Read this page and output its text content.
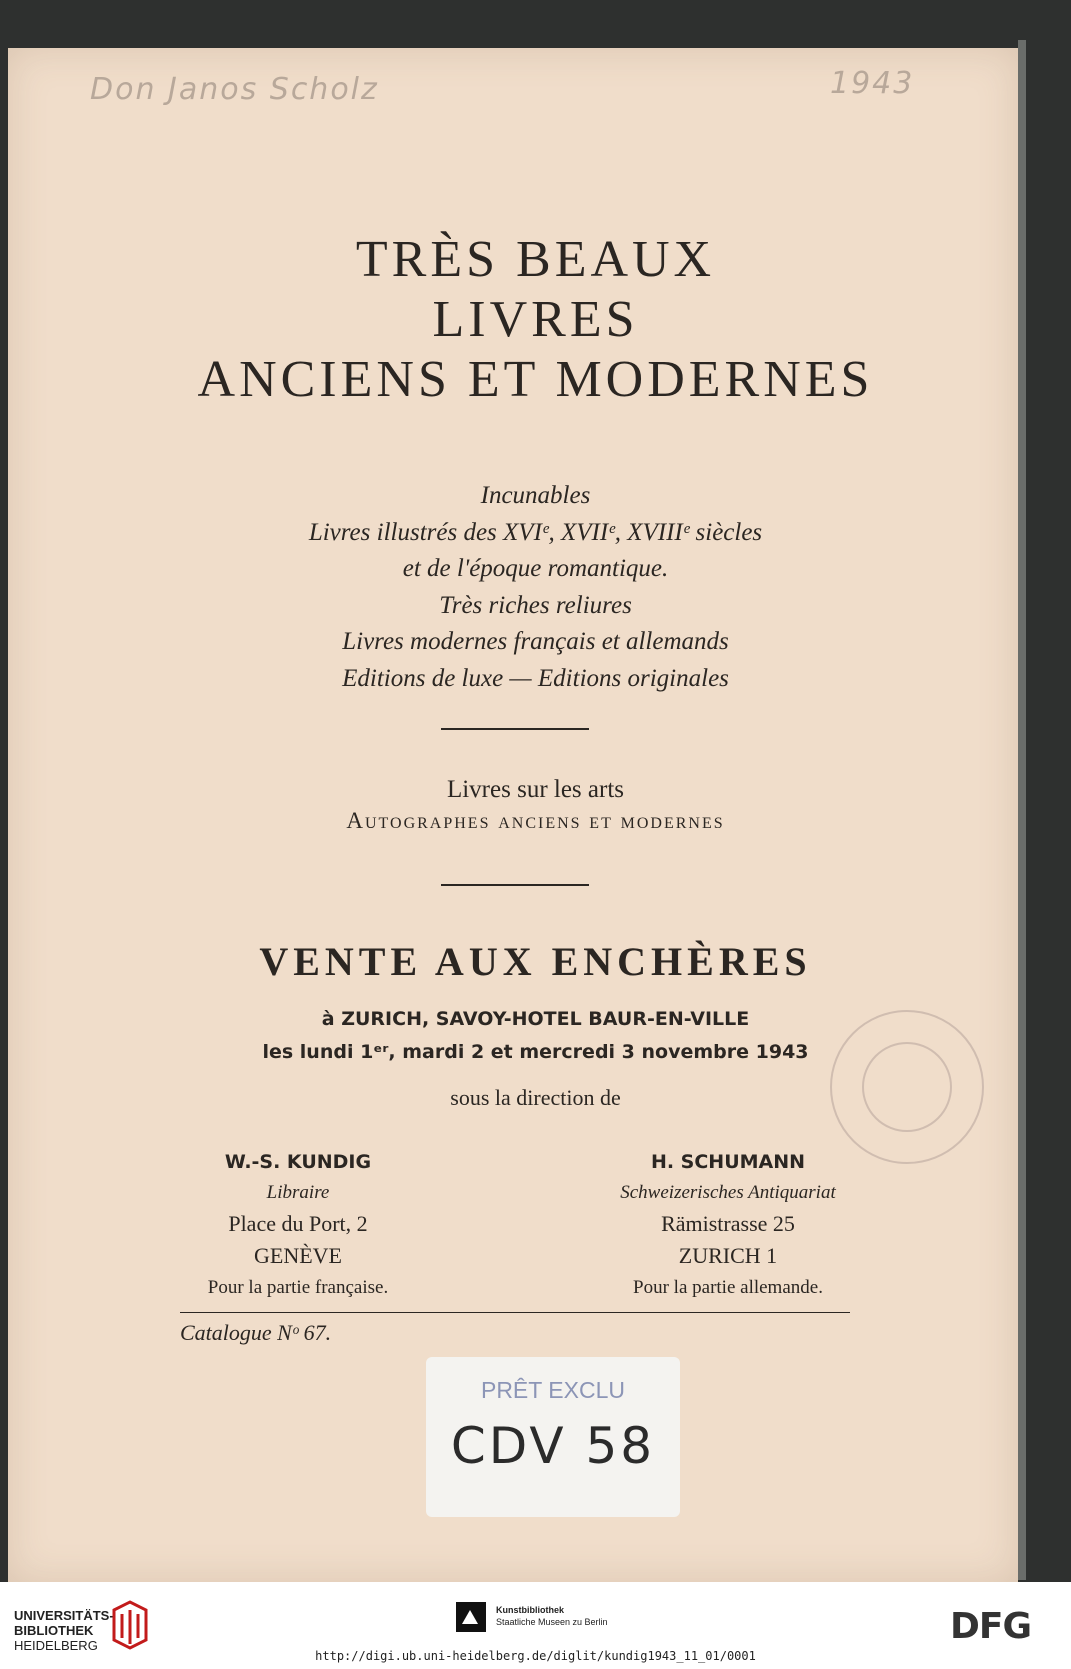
Don Janos Scholz	1943
TRÈS BEAUX
LIVRES
ANCIENS ET MODERNES
Incunables
Livres illustrés des XVIᵉ, XVIIᵉ, XVIIIᵉ siècles
et de l'époque romantique.
Très riches reliures
Livres modernes français et allemands
Editions de luxe — Editions originales
Livres sur les arts
Autographes anciens et modernes
VENTE AUX ENCHÈRES
à ZURICH, SAVOY-HOTEL BAUR-EN-VILLE
les lundi 1ᵉʳ, mardi 2 et mercredi 3 novembre 1943
sous la direction de
W.-S. KUNDIG
Libraire
Place du Port, 2
GENÈVE
Pour la partie française.
H. SCHUMANN
Schweizerisches Antiquariat
Rämistrasse 25
ZURICH 1
Pour la partie allemande.
Catalogue Nᵒ 67.
PRÊT EXCLU
CDV 58
UNIVERSITÄTS-
BIBLIOTHEK
HEIDELBERG
Kunstbibliothek
Staatliche Museen zu Berlin	DFG
http://digi.ub.uni-heidelberg.de/diglit/kundig1943_11_01/0001
